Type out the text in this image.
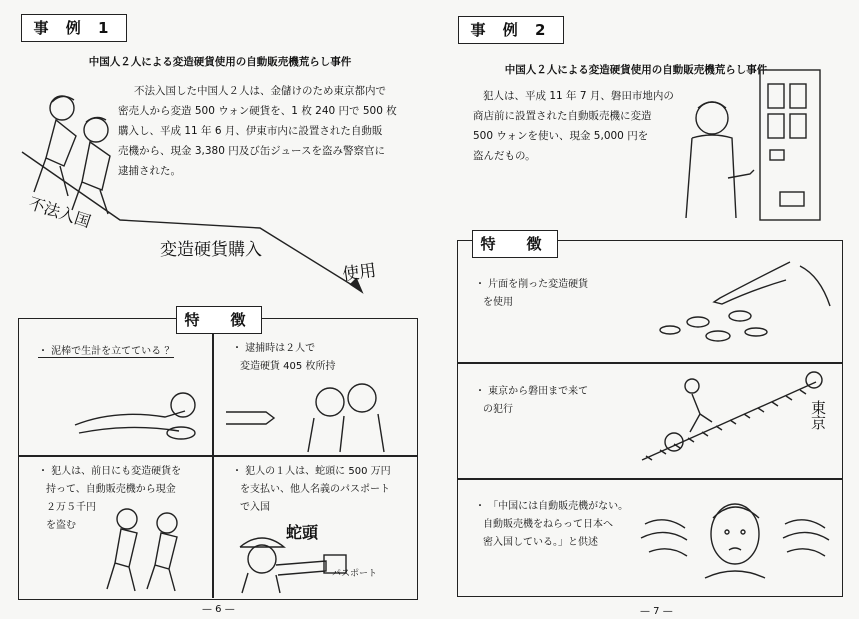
事 例 1
中国人２人による変造硬貨使用の自動販売機荒らし事件
不法入国した中国人２人は、金儲けのため東京都内で
密売人から変造 500 ウォン硬貨を、1 枚 240 円で 500 枚
購入し、平成 11 年 6 月、伊東市内に設置された自動販
売機から、現金 3,380 円及び缶ジュースを盗み警察官に
逮捕された。
不法入国
変造硬貨購入
使用
特　徴
・ 泥棒で生計を立てている ？	・ 逮捕時は２人で
変造硬貨 405 枚所持
・ 犯人は、前日にも変造硬貨を
持って、自動販売機から現金
２万５千円
を盗む
・ 犯人の１人は、蛇頭に 500 万円
を支払い、他人名義のパスポート
で入国
蛇頭
パスポート
— 6 —
事 例 2
中国人２人による変造硬貨使用の自動販売機荒らし事件
犯人は、平成 11 年 7 月、磐田市地内の
商店前に設置された自動販売機に変造
500 ウォンを使い、現金 5,000 円を
盗んだもの。
特　徴
・ 片面を削った変造硬貨
を使用
・ 東京から磐田まで来て
の犯行	東京
・ 「中国には自動販売機がない。
自動販売機をねらって日本へ
密入国している。」と供述
— 7 —
